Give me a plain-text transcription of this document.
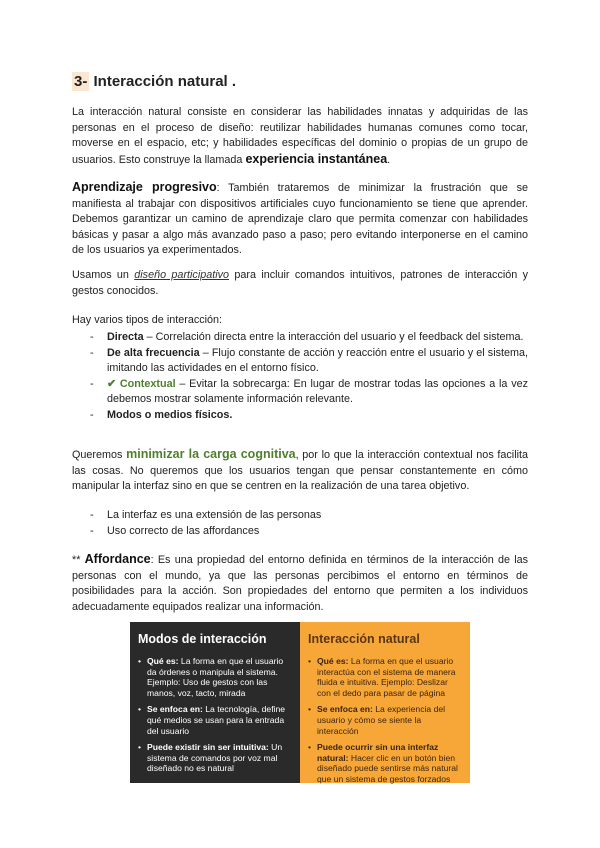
3- Interacción natural .

La interacción natural consiste en considerar las habilidades innatas y adquiridas de las personas en el proceso de diseño: reutilizar habilidades humanas comunes como tocar, moverse en el espacio, etc; y habilidades específicas del dominio o propias de un grupo de usuarios. Esto construye la llamada experiencia instantánea.

Aprendizaje progresivo: También trataremos de minimizar la frustración que se manifiesta al trabajar con dispositivos artificiales cuyo funcionamiento se tiene que aprender. Debemos garantizar un camino de aprendizaje claro que permita comenzar con habilidades básicas y pasar a algo más avanzado paso a paso; pero evitando interponerse en el camino de los usuarios ya experimentados.

Usamos un diseño participativo para incluir comandos intuitivos, patrones de interacción y gestos conocidos.

Hay varios tipos de interacción:

- Directa – Correlación directa entre la interacción del usuario y el feedback del sistema.
- De alta frecuencia – Flujo constante de acción y reacción entre el usuario y el sistema, imitando las actividades en el entorno físico.
- ✔ Contextual – Evitar la sobrecarga: En lugar de mostrar todas las opciones a la vez debemos mostrar solamente información relevante.
- Modos o medios físicos.

Queremos minimizar la carga cognitiva, por lo que la interacción contextual nos facilita las cosas. No queremos que los usuarios tengan que pensar constantemente en cómo manipular la interfaz sino en que se centren en la realización de una tarea objetivo.

- La interfaz es una extensión de las personas
- Uso correcto de las affordances

** Affordance: Es una propiedad del entorno definida en términos de la interacción de las personas con el mundo, ya que las personas percibimos el entorno en términos de posibilidades para la acción. Son propiedades del entorno que permiten a los individuos adecuadamente equipados realizar una información.

Modos de interacción
• Qué es: La forma en que el usuario da órdenes o manipula el sistema. Ejemplo: Uso de gestos con las manos, voz, tacto, mirada
• Se enfoca en: La tecnología, define qué medios se usan para la entrada del usuario
• Puede existir sin ser intuitiva: Un sistema de comandos por voz mal diseñado no es natural
Interacción natural
• Qué es: La forma en que el usuario interactúa con el sistema de manera fluida e intuitiva. Ejemplo: Deslizar con el dedo para pasar de página
• Se enfoca en: La experiencia del usuario y cómo se siente la interacción
• Puede ocurrir sin una interfaz natural: Hacer clic en un botón bien diseñado puede sentirse más natural que un sistema de gestos forzados
